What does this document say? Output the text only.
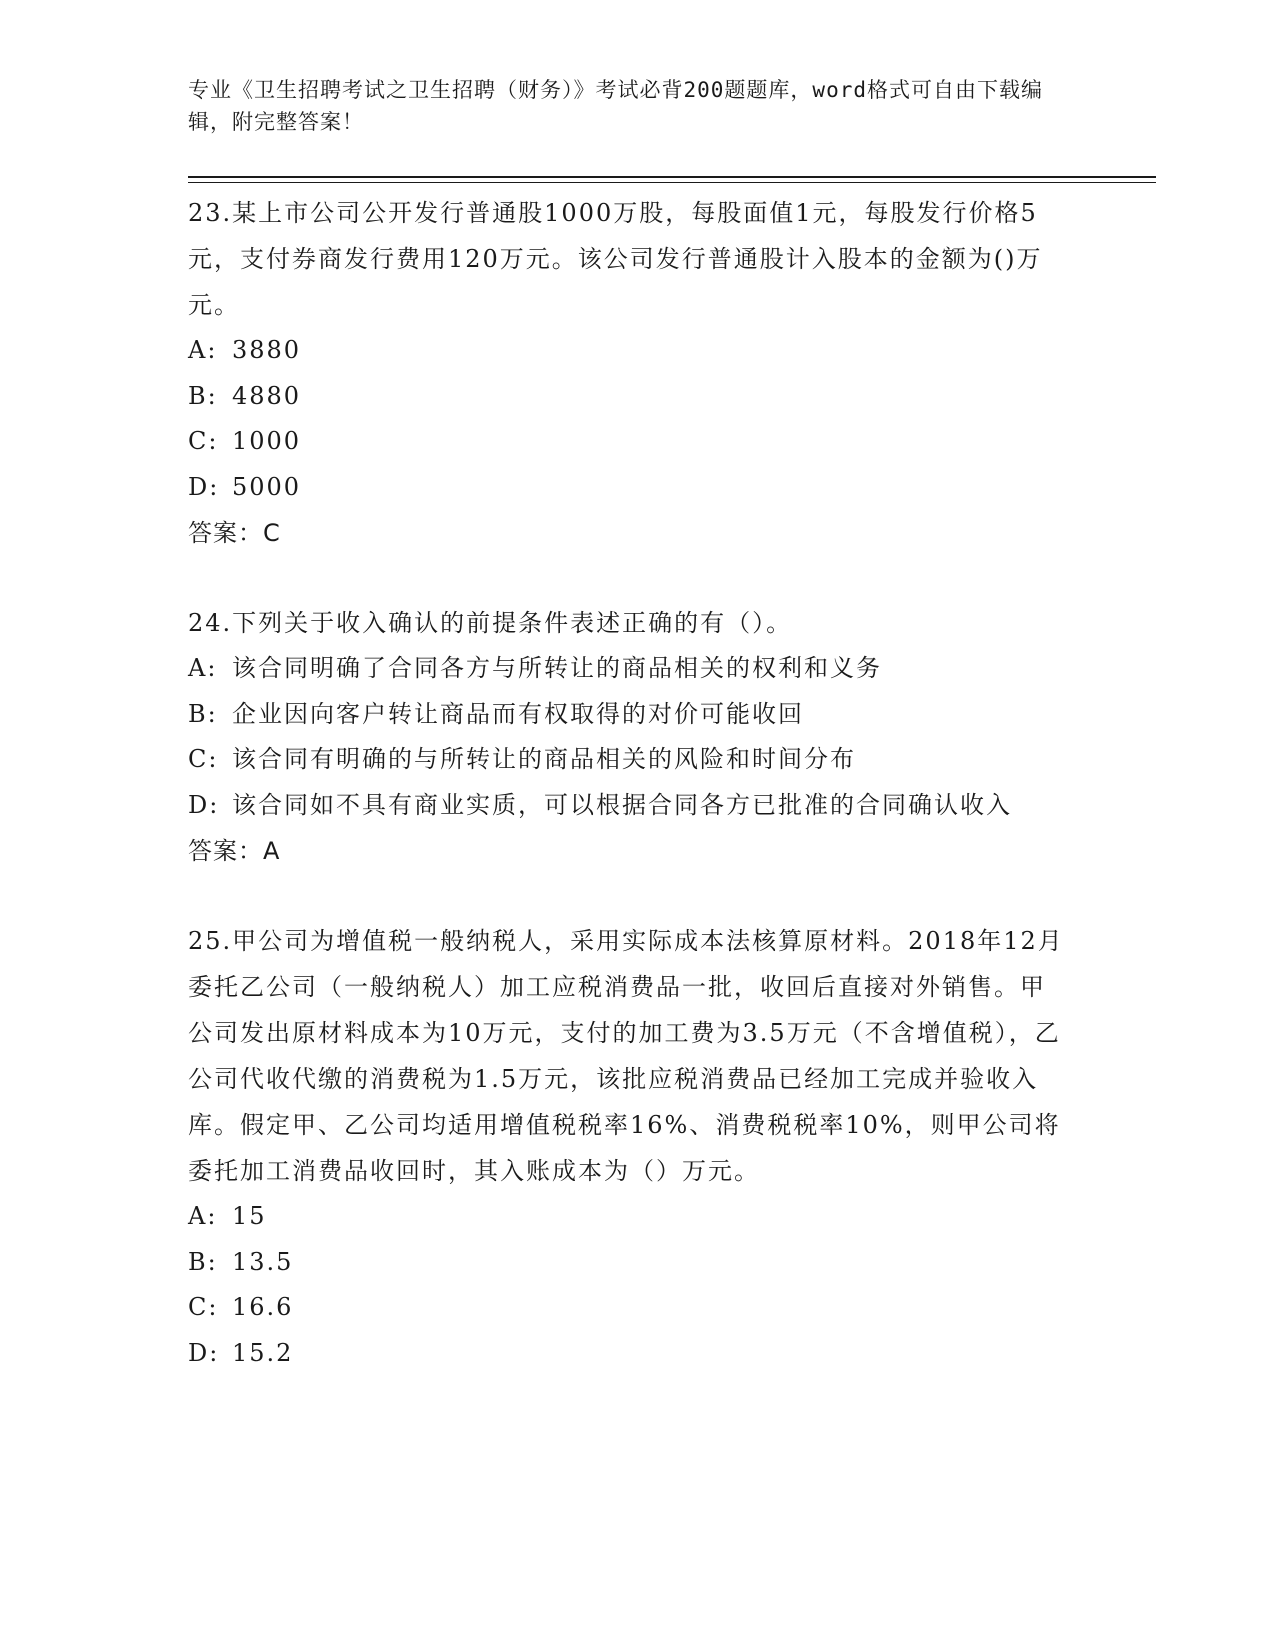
专业《卫生招聘考试之卫生招聘（财务）》考试必背200题题库，word格式可自由下载编辑，附完整答案！

23.某上市公司公开发行普通股1000万股，每股面值1元，每股发行价格5元，支付券商发行费用120万元。该公司发行普通股计入股本的金额为()万元。

A: 3880

B: 4880

C: 1000

D: 5000

答案：C

24.下列关于收入确认的前提条件表述正确的有（）。

A: 该合同明确了合同各方与所转让的商品相关的权利和义务

B: 企业因向客户转让商品而有权取得的对价可能收回

C: 该合同有明确的与所转让的商品相关的风险和时间分布

D: 该合同如不具有商业实质，可以根据合同各方已批准的合同确认收入

答案：A

25.甲公司为增值税一般纳税人，采用实际成本法核算原材料。2018年12月委托乙公司（一般纳税人）加工应税消费品一批，收回后直接对外销售。甲公司发出原材料成本为10万元，支付的加工费为3.5万元（不含增值税），乙公司代收代缴的消费税为1.5万元，该批应税消费品已经加工完成并验收入库。假定甲、乙公司均适用增值税税率16%、消费税税率10%，则甲公司将委托加工消费品收回时，其入账成本为（）万元。

A: 15

B: 13.5

C: 16.6

D: 15.2
